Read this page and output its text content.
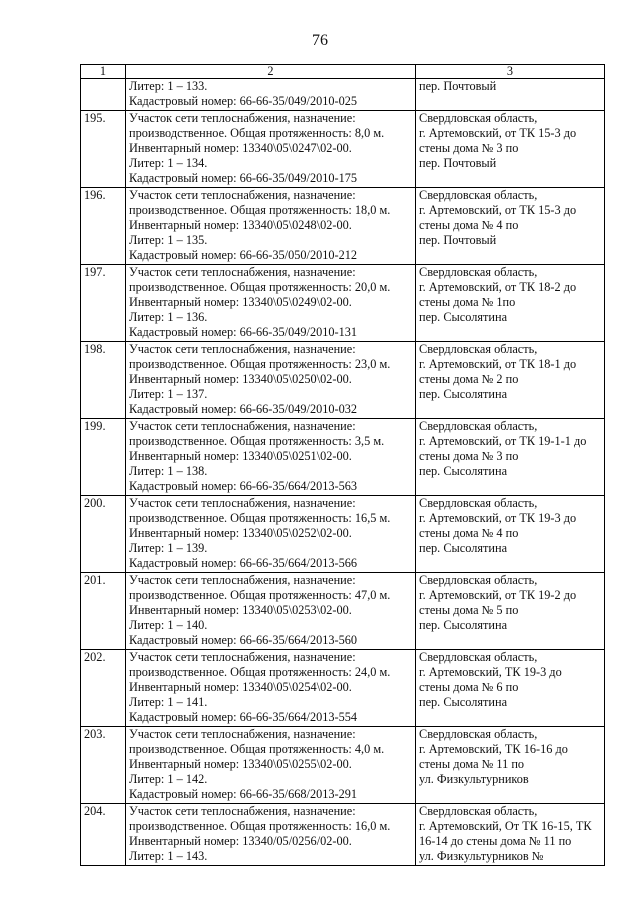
76
1	2	3

	Литер: 1 – 133.
Кадастровый номер: 66-66-35/049/2010-025	пер. Почтовый

195.	Участок сети теплоснабжения, назначение:
производственное. Общая протяженность: 8,0 м.
Инвентарный номер: 13340\05\0247\02-00.
Литер: 1 – 134.
Кадастровый номер: 66-66-35/049/2010-175	Свердловская область,
г. Артемовский, от ТК 15-3 до
стены дома № 3 по
пер. Почтовый

196.	Участок сети теплоснабжения, назначение:
производственное. Общая протяженность: 18,0 м.
Инвентарный номер: 13340\05\0248\02-00.
Литер: 1 – 135.
Кадастровый номер: 66-66-35/050/2010-212	Свердловская область,
г. Артемовский, от ТК 15-3 до
стены дома № 4 по
пер. Почтовый

197.	Участок сети теплоснабжения, назначение:
производственное. Общая протяженность: 20,0 м.
Инвентарный номер: 13340\05\0249\02-00.
Литер: 1 – 136.
Кадастровый номер: 66-66-35/049/2010-131	Свердловская область,
г. Артемовский, от ТК 18-2 до
стены дома № 1по
пер. Сысолятина

198.	Участок сети теплоснабжения, назначение:
производственное. Общая протяженность: 23,0 м.
Инвентарный номер: 13340\05\0250\02-00.
Литер: 1 – 137.
Кадастровый номер: 66-66-35/049/2010-032	Свердловская область,
г. Артемовский, от ТК 18-1 до
стены дома № 2 по
пер. Сысолятина

199.	Участок сети теплоснабжения, назначение:
производственное. Общая протяженность: 3,5 м.
Инвентарный номер: 13340\05\0251\02-00.
Литер: 1 – 138.
Кадастровый номер: 66-66-35/664/2013-563	Свердловская область,
г. Артемовский, от ТК 19-1-1 до
стены дома № 3 по
пер. Сысолятина

200.	Участок сети теплоснабжения, назначение:
производственное. Общая протяженность: 16,5 м.
Инвентарный номер: 13340\05\0252\02-00.
Литер: 1 – 139.
Кадастровый номер: 66-66-35/664/2013-566	Свердловская область,
г. Артемовский, от ТК 19-3 до
стены дома № 4 по
пер. Сысолятина

201.	Участок сети теплоснабжения, назначение:
производственное. Общая протяженность: 47,0 м.
Инвентарный номер: 13340\05\0253\02-00.
Литер: 1 – 140.
Кадастровый номер: 66-66-35/664/2013-560	Свердловская область,
г. Артемовский, от ТК 19-2 до
стены дома № 5 по
пер. Сысолятина

202.	Участок сети теплоснабжения, назначение:
производственное. Общая протяженность: 24,0 м.
Инвентарный номер: 13340\05\0254\02-00.
Литер: 1 – 141.
Кадастровый номер: 66-66-35/664/2013-554	Свердловская область,
г. Артемовский, ТК 19-3 до
стены дома № 6 по
пер. Сысолятина

203.	Участок сети теплоснабжения, назначение:
производственное. Общая протяженность: 4,0 м.
Инвентарный номер: 13340\05\0255\02-00.
Литер: 1 – 142.
Кадастровый номер: 66-66-35/668/2013-291	Свердловская область,
г. Артемовский, ТК 16-16 до
стены дома № 11 по
ул. Физкультурников

204.	Участок сети теплоснабжения, назначение:
производственное. Общая протяженность: 16,0 м.
Инвентарный номер: 13340/05/0256/02-00.
Литер: 1 – 143.	Свердловская область,
г. Артемовский, От ТК 16-15, ТК
16-14 до стены дома № 11 по
ул. Физкультурников №
